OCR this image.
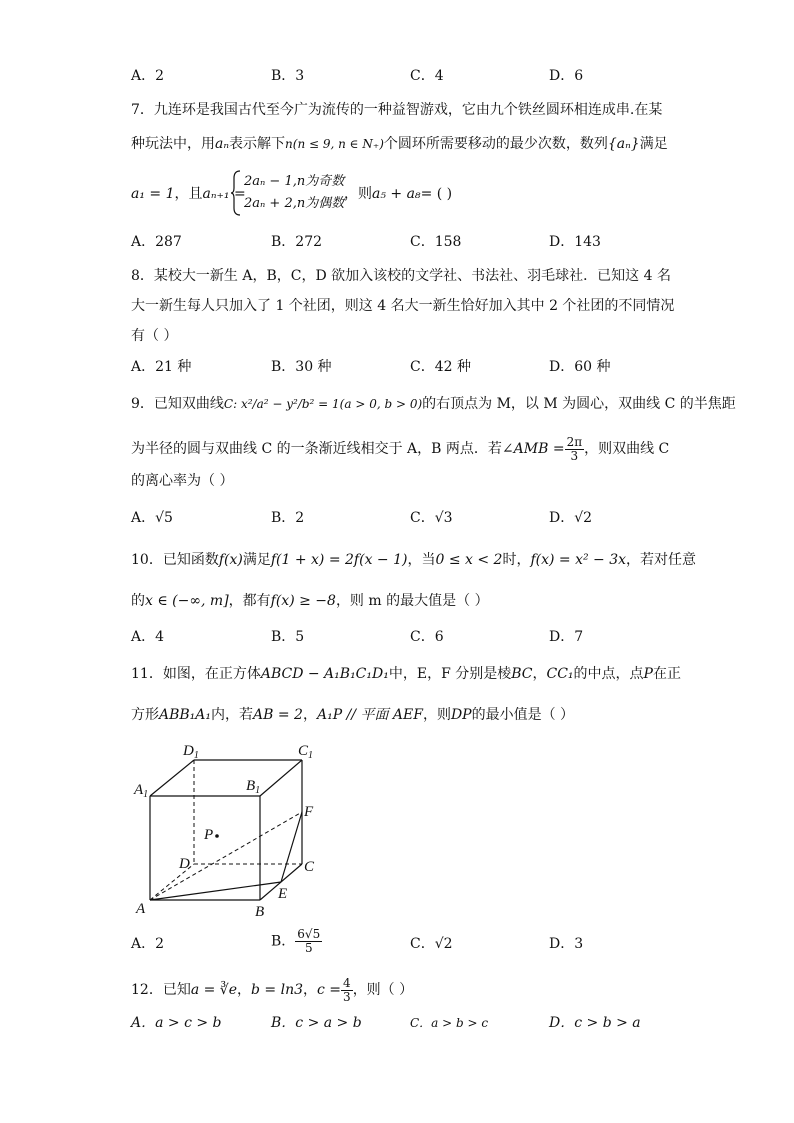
A．2	B．3	C．4	D．6
7．九连环是我国古代至今广为流传的一种益智游戏，它由九个铁丝圆环相连成串.在某
种玩法中，用aₙ表示解下n(n ≤ 9, n ∈ N₊)个圆环所需要移动的最少次数，数列{aₙ}满足
a₁ = 1，且aₙ₊₁ =
2aₙ − 1,n为奇数
2aₙ + 2,n为偶数
，则a₅ + a₈= ( )
A．287	B．272	C．158	D．143
8．某校大一新生 A，B，C，D 欲加入该校的文学社、书法社、羽毛球社．已知这 4 名
大一新生每人只加入了 1 个社团，则这 4 名大一新生恰好加入其中 2 个社团的不同情况
有（ ）
A．21 种	B．30 种	C．42 种	D．60 种
9．已知双曲线C: x²/a² − y²/b² = 1(a > 0, b > 0)的右顶点为 M，以 M 为圆心，双曲线 C 的半焦距
为半径的圆与双曲线 C 的一条渐近线相交于 A，B 两点．若∠AMB = $\frac{2\pi}{3}$ ，则双曲线 C
的离心率为（ ）
A．√5	B．2	C．√3	D．√2
10．已知函数f(x)满足f(1 + x) = 2f(x − 1)，当0 ≤ x < 2时，f(x) = x² − 3x，若对任意
的x ∈ (−∞, m]，都有f(x) ≥ −8，则 m 的最大值是（ ）
A．4	B．5	C．6	D．7
11．如图，在正方体ABCD − A₁B₁C₁D₁中，E，F 分别是棱BC，CC₁的中点，点P在正
方形ABB₁A₁内，若AB = 2，A₁P // 平面 AEF，则DP的最小值是（ ）
$D_1$	$C_1$
$A_1$
$B_1$
P
F
D	C
E
A	B
A．2	B． $\frac{6√5}{5}$	C．√2	D．3
12．已知a = ∛e，b = ln3，$c = \frac{4}{3}$ ，则（ ）
A．a > c > b	B．c > a > b	C．a > b > c	D．c > b > a
